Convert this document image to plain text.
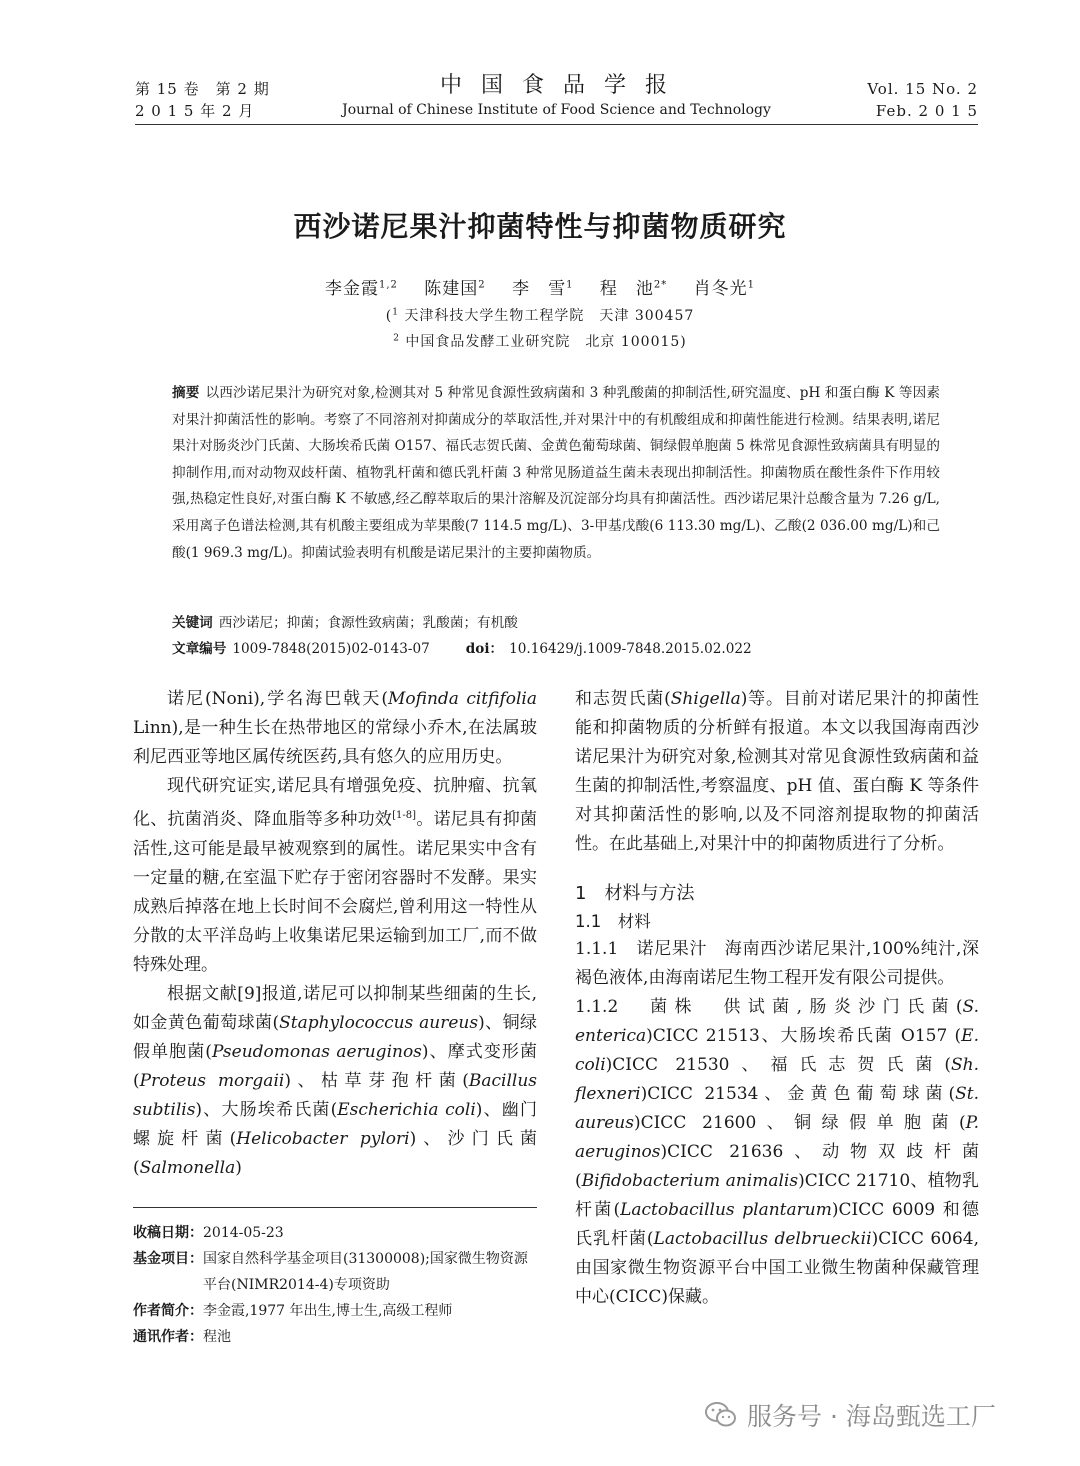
第 15 卷　第 2 期
2 0 1 5 年 2 月
中 国 食 品 学 报
Journal of Chinese Institute of Food Science and Technology
Vol. 15 No. 2
Feb. 2 0 1 5
西沙诺尼果汁抑菌特性与抑菌物质研究
李金霞$^{1,2}$ 陈建国$^2$ 李　雪$^1$ 程　池$^{2*}$ 肖冬光$^1$
($^1$ 天津科技大学生物工程学院　天津 300457
$^2$ 中国食品发酵工业研究院　北京 100015)
摘要 以西沙诺尼果汁为研究对象,检测其对 5 种常见食源性致病菌和 3 种乳酸菌的抑制活性,研究温度、pH 和蛋白酶 K 等因素对果汁抑菌活性的影响。考察了不同溶剂对抑菌成分的萃取活性,并对果汁中的有机酸组成和抑菌性能进行检测。结果表明,诺尼果汁对肠炎沙门氏菌、大肠埃希氏菌 O157、福氏志贺氏菌、金黄色葡萄球菌、铜绿假单胞菌 5 株常见食源性致病菌具有明显的抑制作用,而对动物双歧杆菌、植物乳杆菌和德氏乳杆菌 3 种常见肠道益生菌未表现出抑制活性。抑菌物质在酸性条件下作用较强,热稳定性良好,对蛋白酶 K 不敏感,经乙醇萃取后的果汁溶解及沉淀部分均具有抑菌活性。西沙诺尼果汁总酸含量为 7.26 g/L,采用离子色谱法检测,其有机酸主要组成为苹果酸(7 114.5 mg/L)、3-甲基戊酸(6 113.30 mg/L)、乙酸(2 036.00 mg/L)和己酸(1 969.3 mg/L)。抑菌试验表明有机酸是诺尼果汁的主要抑菌物质。
关键词 西沙诺尼；抑菌；食源性致病菌；乳酸菌；有机酸
文章编号 1009-7848(2015)02-0143-07	doi： 10.16429/j.1009-7848.2015.02.022

诺尼(Noni),学名海巴戟天(Mofinda citfifolia Linn),是一种生长在热带地区的常绿小乔木,在法属玻利尼西亚等地区属传统医药,具有悠久的应用历史。

现代研究证实,诺尼具有增强免疫、抗肿瘤、抗氧化、抗菌消炎、降血脂等多种功效[1-8]。诺尼具有抑菌活性,这可能是最早被观察到的属性。诺尼果实中含有一定量的糖,在室温下贮存于密闭容器时不发酵。果实成熟后掉落在地上长时间不会腐烂,曾利用这一特性从分散的太平洋岛屿上收集诺尼果运输到加工厂,而不做特殊处理。

根据文献[9]报道,诺尼可以抑制某些细菌的生长,如金黄色葡萄球菌(Staphylococcus aureus)、铜绿假单胞菌(Pseudomonas aeruginos)、摩式变形菌(Proteus morgaii)、枯草芽孢杆菌(Bacillus subtilis)、大肠埃希氏菌(Escherichia coli)、幽门螺旋杆菌(Helicobacter pylori)、沙门氏菌(Salmonella)

收稿日期： 2014-05-23
基金项目： 国家自然科学基金项目(31300008);国家微生物资源平台(NIMR2014-4)专项资助
作者简介： 李金霞,1977 年出生,博士生,高级工程师
通讯作者： 程池

和志贺氏菌(Shigella)等。目前对诺尼果汁的抑菌性能和抑菌物质的分析鲜有报道。本文以我国海南西沙诺尼果汁为研究对象,检测其对常见食源性致病菌和益生菌的抑制活性,考察温度、pH 值、蛋白酶 K 等条件对其抑菌活性的影响,以及不同溶剂提取物的抑菌活性。在此基础上,对果汁中的抑菌物质进行了分析。

1　材料与方法
1.1　材料

1.1.1　诺尼果汁　海南西沙诺尼果汁,100%纯汁,深褐色液体,由海南诺尼生物工程开发有限公司提供。

1.1.2　菌株　供试菌,肠炎沙门氏菌(S. enterica)CICC 21513、大肠埃希氏菌 O157 (E. coli)CICC 21530、福氏志贺氏菌(Sh. flexneri)CICC 21534、金黄色葡萄球菌(St. aureus)CICC 21600、铜绿假单胞菌(P. aeruginos)CICC 21636、动物双歧杆菌(Bifidobacterium animalis)CICC 21710、植物乳杆菌(Lactobacillus plantarum)CICC 6009 和德氏乳杆菌(Lactobacillus delbrueckii)CICC 6064,由国家微生物资源平台中国工业微生物菌种保藏管理中心(CICC)保藏。

服务号 · 海岛甄选工厂
